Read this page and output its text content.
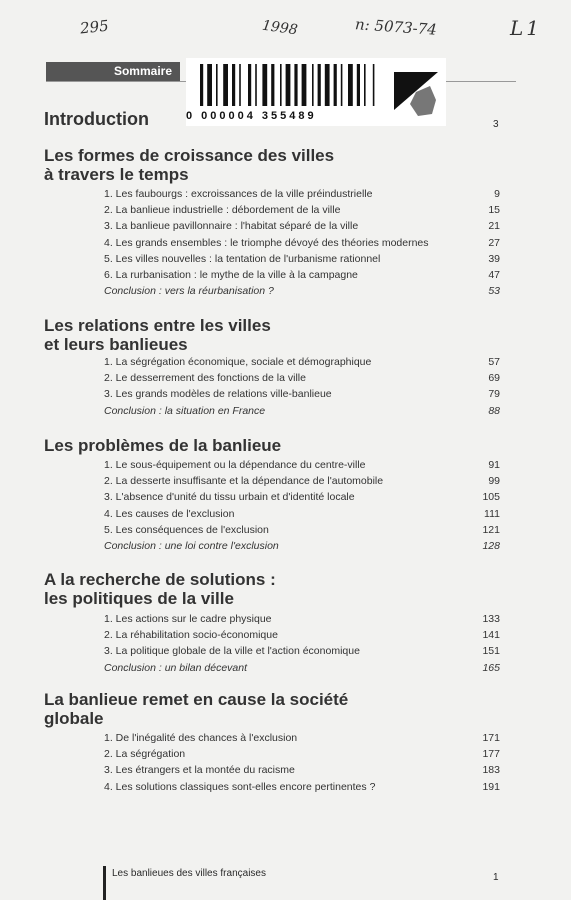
295	1998	n: 5073-74	L1
Sommaire
0 000004 355489
Introduction	3
Les formes de croissance des villes
à travers le temps
1. Les faubourgs : excroissances de la ville préindustrielle	9
2. La banlieue industrielle : débordement de la ville	15
3. La banlieue pavillonnaire : l'habitat séparé de la ville	21
4. Les grands ensembles : le triomphe dévoyé des théories modernes	27
5. Les villes nouvelles : la tentation de l'urbanisme rationnel	39
6. La rurbanisation : le mythe de la ville à la campagne	47
Conclusion : vers la réurbanisation ?	53
Les relations entre les villes
et leurs banlieues
1. La ségrégation économique, sociale et démographique	57
2. Le desserrement des fonctions de la ville	69
3. Les grands modèles de relations ville-banlieue	79
Conclusion : la situation en France	88
Les problèmes de la banlieue
1. Le sous-équipement ou la dépendance du centre-ville	91
2. La desserte insuffisante et la dépendance de l'automobile	99
3. L'absence d'unité du tissu urbain et d'identité locale	105
4. Les causes de l'exclusion	111
5. Les conséquences de l'exclusion	121
Conclusion : une loi contre l'exclusion	128
A la recherche de solutions :
les politiques de la ville
1. Les actions sur le cadre physique	133
2. La réhabilitation socio-économique	141
3. La politique globale de la ville et l'action économique	151
Conclusion : un bilan décevant	165
La banlieue remet en cause la société
globale
1. De l'inégalité des chances à l'exclusion	171
2. La ségrégation	177
3. Les étrangers et la montée du racisme	183
4. Les solutions classiques sont-elles encore pertinentes ?	191
Les banlieues des villes françaises	1
